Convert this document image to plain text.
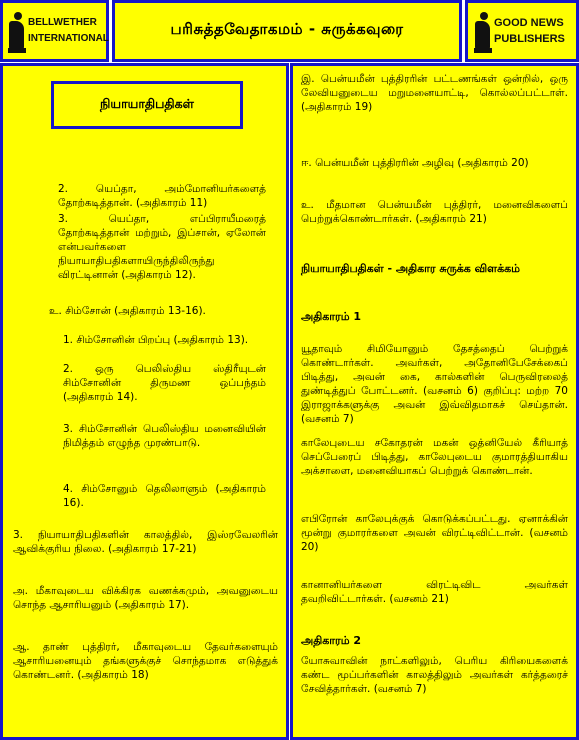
BELLWETHER
INTERNATIONAL
பரிசுத்தவேதாகமம் - சுருக்கவுரை	GOOD NEWS
PUBLISHERS
நியாயாதிபதிகள்
2. யெப்தா, அம்மோனியர்களைத் தோற்கடித்தான். (அதிகாரம் 11)
3. யெப்தா, எப்பிராயீமரைத் தோற்கடித்தான் மற்றும், இப்சான், ஏலோன் என்பவர்களை நியாயாதிபதிகளாயிருந்திலிருந்து விரட்டினான் (அதிகாரம் 12).
உ. சிம்சோன் (அதிகாரம் 13-16).
1. சிம்சோனின் பிறப்பு (அதிகாரம் 13).
2. ஒரு பெலிஸ்திய ஸ்திரீயுடன் சிம்சோனின் திருமண ஒப்பந்தம் (அதிகாரம் 14).
3. சிம்சோனின் பெலிஸ்திய மனைவியின் நிமித்தம் எழுந்த முரண்பாடு.
4. சிம்சோனும் தெலிலாளும் (அதிகாரம் 16).
3. நியாயாதிபதிகளின் காலத்தில், இஸ்ரவேலரின் ஆவிக்குரிய நிலை. (அதிகாரம் 17-21)
அ. மீகாவுடைய விக்கிரக வணக்கமும், அவனுடைய சொந்த ஆசாரியனும் (அதிகாரம் 17).
ஆ. தாண் புத்திரர், மீகாவுடைய தேவர்களையும் ஆசாரியனையும் தங்களுக்குச் சொந்தமாக எடுத்துக் கொண்டனர். (அதிகாரம் 18)
இ. பென்யமீன் புத்திரரின் பட்டணங்கள் ஒன்றில், ஒரு லேவியனுடைய மறுமனையாட்டி, கொல்லப்பட்டாள். (அதிகாரம் 19)
ஈ. பென்யமீன் புத்திரரின் அழிவு (அதிகாரம் 20)
உ. மீதமான பென்யமீன் புத்திரர், மனைவிகளைப் பெற்றுக்கொண்டார்கள். (அதிகாரம் 21)
நியாயாதிபதிகள் - அதிகார சுருக்க விளக்கம்
அதிகாரம் 1
யூதாவும் சிமியோனும் தேசத்தைப் பெற்றுக் கொண்டார்கள். அவர்கள், அதோனிபேசேக்கைப் பிடித்து, அவன் கை, கால்களின் பெருவிரலைத் துண்டித்துப் போட்டனர். (வசனம் 6) குறிப்பு: மற்ற 70 இராஜாக்களுக்கு அவன் இவ்விதமாகச் செய்தான். (வசனம் 7)
காலேபுடைய சகோதரன் மகன் ஒத்னியேல் கீரியாத் செப்பேரைப் பிடித்து, காலேபுடைய குமாரத்தியாகிய அக்சாளை, மனைவியாகப் பெற்றுக் கொண்டான்.
எபிரோன் காலேபுக்குக் கொடுக்கப்பட்டது. ஏனாக்கின் மூன்று குமாரர்களை அவன் விரட்டிவிட்டான். (வசனம் 20)
கானானியர்களை விரட்டிவிட அவர்கள் தவறிவிட்டார்கள். (வசனம் 21)
அதிகாரம் 2
யோசுவாவின் நாட்களிலும், பெரிய கிரியைகளைக் கண்ட மூப்பர்களின் காலத்திலும் அவர்கள் கர்த்தரைச் சேவித்தார்கள். (வசனம் 7)
